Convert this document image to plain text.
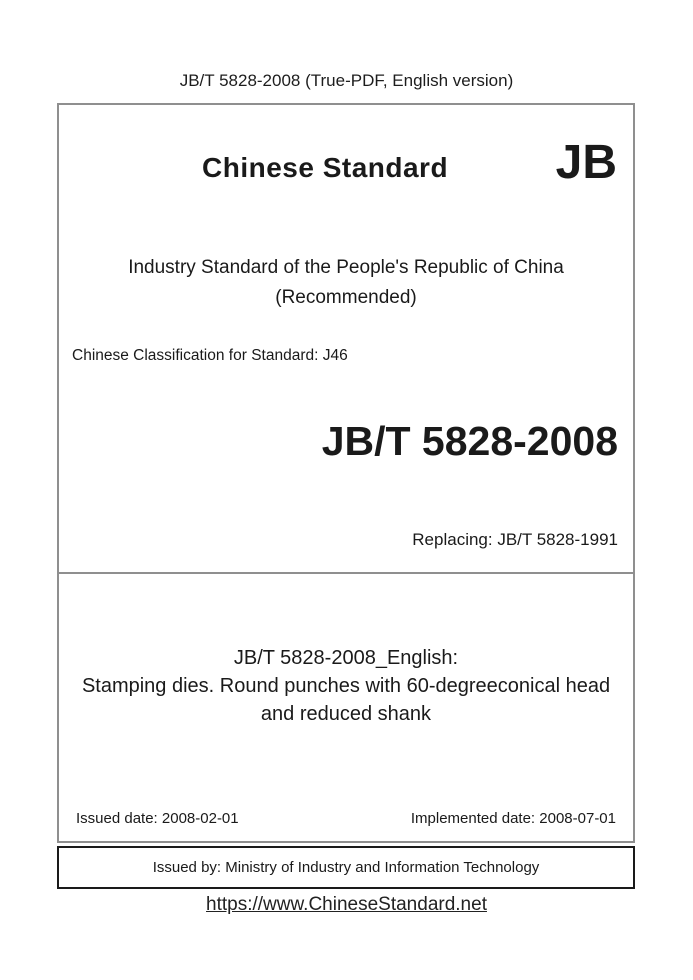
JB/T 5828-2008 (True-PDF, English version)
Chinese Standard JB
Industry Standard of the People's Republic of China
(Recommended)
Chinese Classification for Standard: J46
JB/T 5828-2008
Replacing: JB/T 5828-1991
JB/T 5828-2008_English:
Stamping dies. Round punches with 60-degreeconical head
and reduced shank
Issued date: 2008-02-01	Implemented date: 2008-07-01
Issued by: Ministry of Industry and Information Technology
https://www.ChineseStandard.net
